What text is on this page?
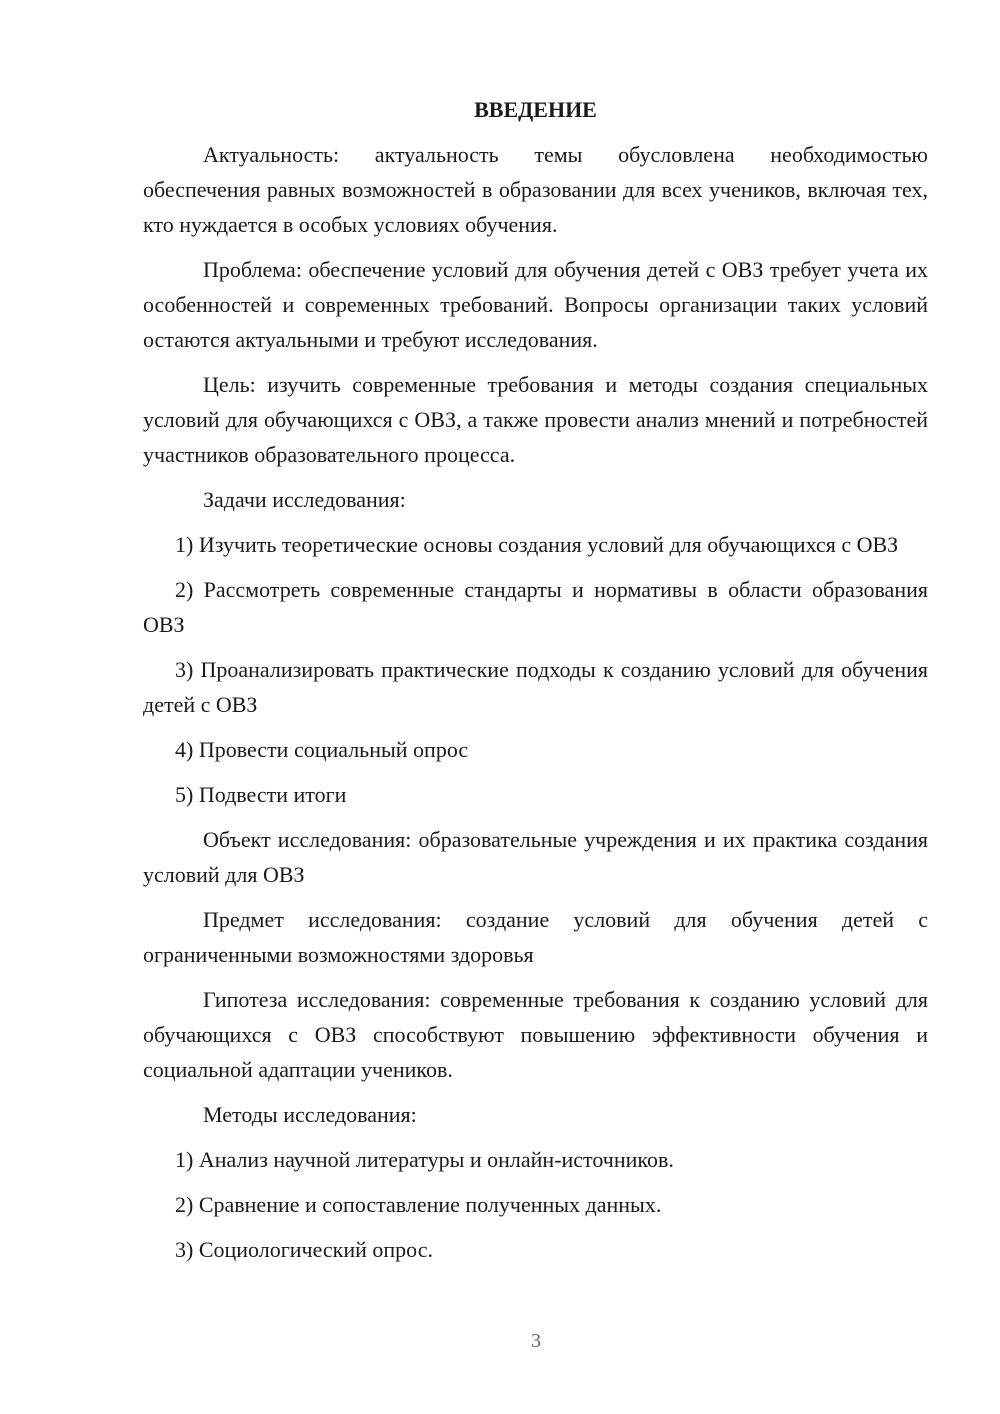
ВВЕДЕНИЕ

Актуальность: актуальность темы обусловлена необходимостью обеспечения равных возможностей в образовании для всех учеников, включая тех, кто нуждается в особых условиях обучения.

Проблема: обеспечение условий для обучения детей с ОВЗ требует учета их особенностей и современных требований. Вопросы организации таких условий остаются актуальными и требуют исследования.

Цель: изучить современные требования и методы создания специальных условий для обучающихся с ОВЗ, а также провести анализ мнений и потребностей участников образовательного процесса.

Задачи исследования:

1) Изучить теоретические основы создания условий для обучающихся с ОВЗ

2) Рассмотреть современные стандарты и нормативы в области образования ОВЗ

3) Проанализировать практические подходы к созданию условий для обучения детей с ОВЗ

4) Провести социальный опрос

5) Подвести итоги

Объект исследования: образовательные учреждения и их практика создания условий для ОВЗ

Предмет исследования: создание условий для обучения детей с ограниченными возможностями здоровья

Гипотеза исследования: современные требования к созданию условий для обучающихся с ОВЗ способствуют повышению эффективности обучения и социальной адаптации учеников.

Методы исследования:

1) Анализ научной литературы и онлайн-источников.

2) Сравнение и сопоставление полученных данных.

3) Социологический опрос.

3
